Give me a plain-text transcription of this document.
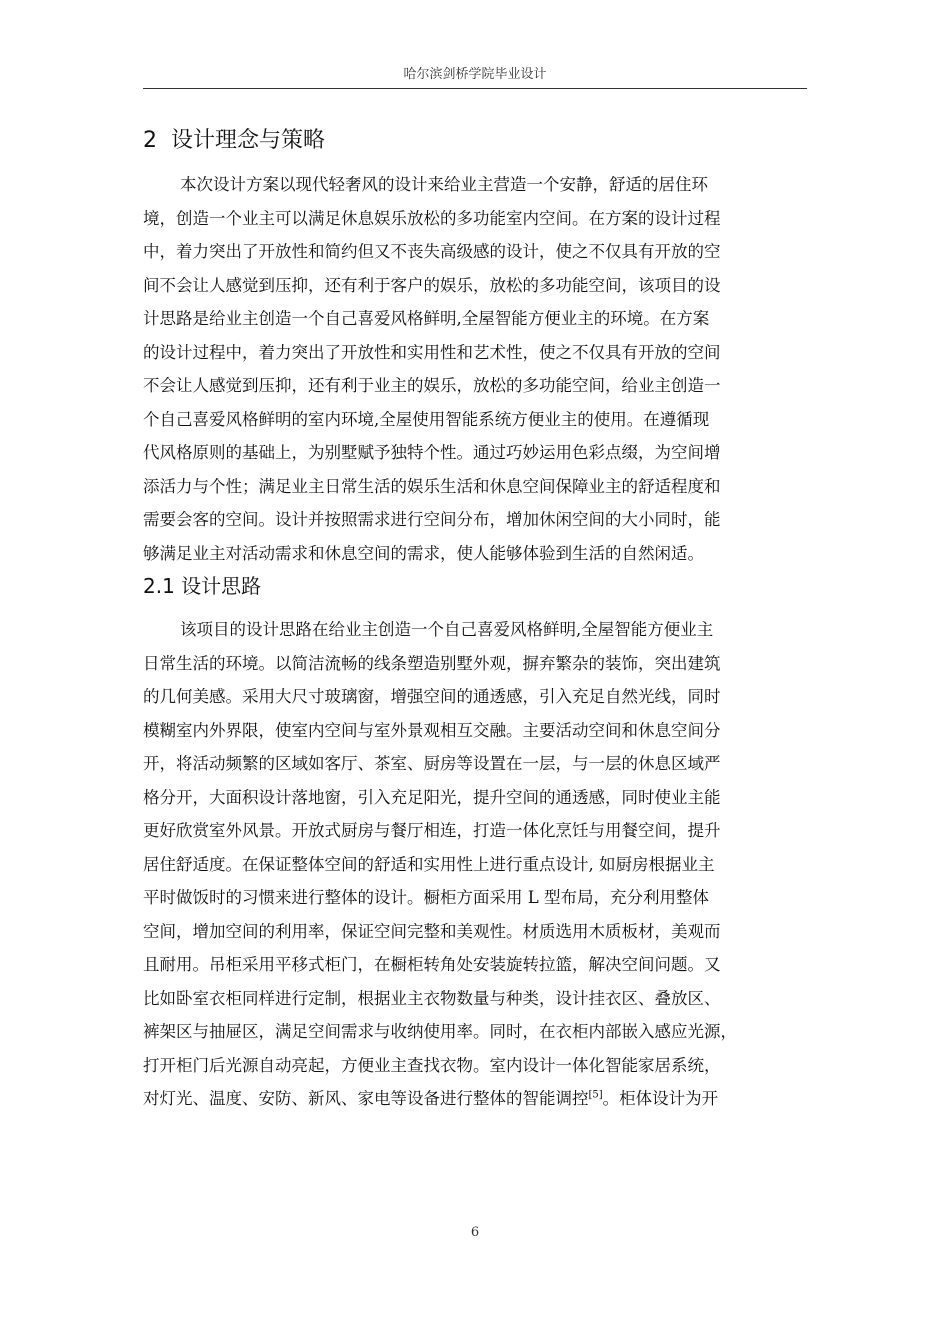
哈尔滨剑桥学院毕业设计
2 设计理念与策略
本次设计方案以现代轻奢风的设计来给业主营造一个安静，舒适的居住环
境，创造一个业主可以满足休息娱乐放松的多功能室内空间。在方案的设计过程
中，着力突出了开放性和简约但又不丧失高级感的设计，使之不仅具有开放的空
间不会让人感觉到压抑，还有利于客户的娱乐，放松的多功能空间，该项目的设
计思路是给业主创造一个自己喜爱风格鲜明,全屋智能方便业主的环境。在方案
的设计过程中，着力突出了开放性和实用性和艺术性，使之不仅具有开放的空间
不会让人感觉到压抑，还有利于业主的娱乐，放松的多功能空间，给业主创造一
个自己喜爱风格鲜明的室内环境,全屋使用智能系统方便业主的使用。在遵循现
代风格原则的基础上，为别墅赋予独特个性。通过巧妙运用色彩点缀，为空间增
添活力与个性；满足业主日常生活的娱乐生活和休息空间保障业主的舒适程度和
需要会客的空间。设计并按照需求进行空间分布，增加休闲空间的大小同时，能
够满足业主对活动需求和休息空间的需求，使人能够体验到生活的自然闲适。
2.1 设计思路
该项目的设计思路在给业主创造一个自己喜爱风格鲜明,全屋智能方便业主
日常生活的环境。以简洁流畅的线条塑造别墅外观，摒弃繁杂的装饰，突出建筑
的几何美感。采用大尺寸玻璃窗，增强空间的通透感，引入充足自然光线，同时
模糊室内外界限，使室内空间与室外景观相互交融。主要活动空间和休息空间分
开，将活动频繁的区域如客厅、茶室、厨房等设置在一层，与一层的休息区域严
格分开，大面积设计落地窗，引入充足阳光，提升空间的通透感，同时使业主能
更好欣赏室外风景。开放式厨房与餐厅相连，打造一体化烹饪与用餐空间，提升
居住舒适度。在保证整体空间的舒适和实用性上进行重点设计, 如厨房根据业主
平时做饭时的习惯来进行整体的设计。橱柜方面采用 L 型布局，充分利用整体
空间，增加空间的利用率，保证空间完整和美观性。材质选用木质板材，美观而
且耐用。吊柜采用平移式柜门，在橱柜转角处安装旋转拉篮，解决空间问题。又
比如卧室衣柜同样进行定制，根据业主衣物数量与种类，设计挂衣区、叠放区、
裤架区与抽屉区，满足空间需求与收纳使用率。同时，在衣柜内部嵌入感应光源，
打开柜门后光源自动亮起，方便业主查找衣物。室内设计一体化智能家居系统，
对灯光、温度、安防、新风、家电等设备进行整体的智能调控[5]。柜体设计为开
6
